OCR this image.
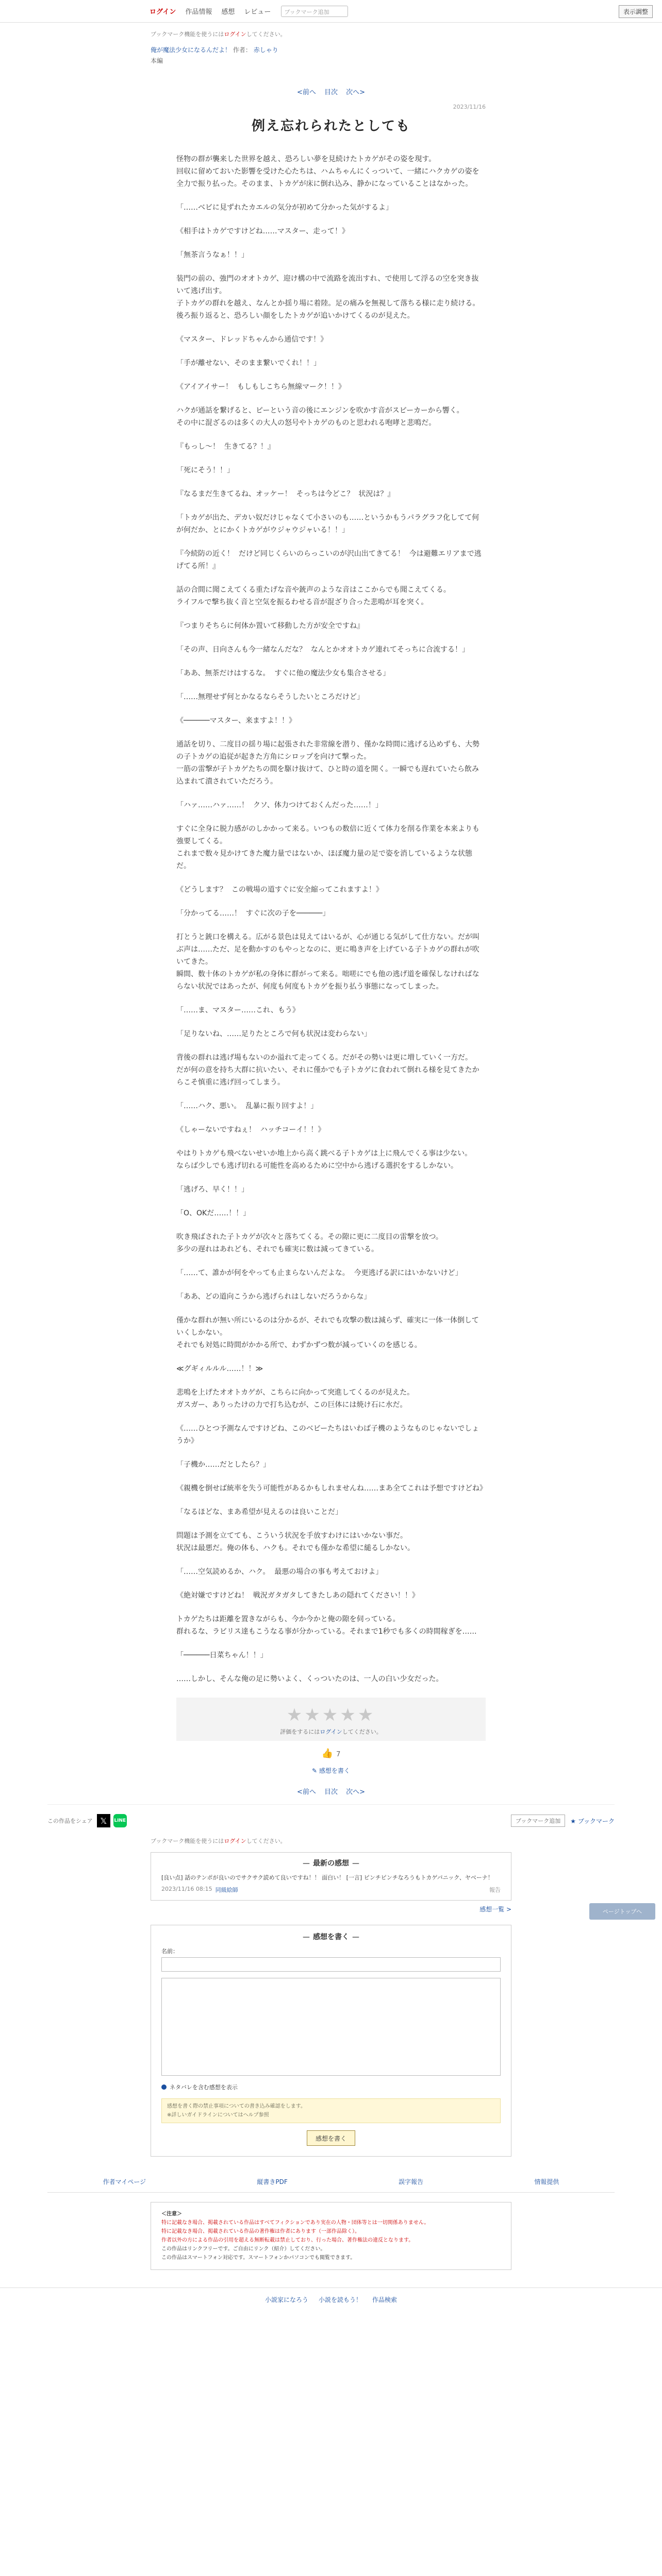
ログイン 作品情報 感想 レビュー	ブックマーク追加	表示調整
ブックマーク機能を使うにはログインしてください。
俺が魔法少女になるんだよ！ 作者： 赤しゃり
本編
<前へ 目次 次へ>
2023/11/16
例え忘れられたとしても

怪物の群が襲来した世界を越え、恐ろしい夢を見続けたトカゲがその姿を現す。
回収に留めておいた影響を受けた心たちは、ハムちゃんにくっついて、一緒にハクカゲの姿を全力で振り払った。そのまま、トカゲが床に倒れ込み、静かになっていることはなかった。

「……ベビに見ずれたカエルの気分が初めて分かった気がするよ」

《相手はトカゲですけどね……マスター、走って！》

「無茶言うなぁ！！」

装門の前の、強門のオオトカゲ、迎け構の中で流路を流出すれ、で使用して浮るの空を突き抜いて逃げ出す。
子トカゲの群れを越え、なんとか揺り場に着陸。足の痛みを無視して落ちる様に走り続ける。
後ろ振り返ると、恐ろしい顔をしたトカゲが追いかけてくるのが見えた。

《マスター、ドレッドちゃんから通信です！》

「手が離せない、そのまま繋いでくれ！！」

《アイアイサー！  もしもしこちら無線マーク！！》

ハクが通話を繋げると、ピーという音の後にエンジンを吹かす音がスピーカーから響く。
その中に混ざるのは多くの大人の怒号やトカゲのものと思われる咆哮と悲鳴だ。

『もっし〜！  生きてる？！』

「死にそう！！」

『なるまだ生きてるね、オッケー！  そっちは今どこ？  状況は？』

「トカゲが出た、デカい奴だけじゃなくて小さいのも……というかもうパラグラフ化してて何が何だか、とにかくトカゲがウジャウジャいる！！」

『今続防の近く！  だけど同じくらいのらっこいのが沢山出てきてる！  今は避難エリアまで逃げてる所！』

話の合間に聞こえてくる重たげな音や銃声のような音はここからでも聞こえてくる。
ライフルで撃ち抜く音と空気を振るわせる音が混ざり合った悲鳴が耳を突く。

『つまりそちらに何体か置いて移動した方が安全ですね』

「その声、日向さんも今一緒なんだな？  なんとかオオトカゲ連れてそっちに合流する！」

「ああ、無茶だけはするな。  すぐに他の魔法少女も集合させる」

「……無理せず何とかなるならそうしたいところだけど」

《──────マスター、来ますよ！！》

通話を切り、二度目の揺り場に起張された非常線を潜り、僅かな時間に逃げる込めずも、大勢の子トカゲの追従が起きた方角にシロップを向けて撃った。
一筋の雷撃が子トカゲたちの間を駆け抜けて、ひと時の道を開く。一瞬でも遅れていたら飲み込まれて潰されていただろう。

「ハァ……ハァ……！  クソ、体力つけておくんだった……！」

すぐに全身に脱力感がのしかかって来る。いつもの数倍に近くて体力を削る作業を本来よりも強要してくる。
これまで数々見かけてきた魔力量ではないか、ほぼ魔力量の足で姿を消しているような状態だ。

《どうします？  この戦場の道すぐに安全縮ってこれますよ！》

「分かってる……！  すぐに次の子を──────」

打とうと銃口を構える。広がる景色は見えてはいるが、心が通じる気がして仕方ない。だが叫ぶ声は……ただ、足を動かすのもやっとなのに、更に鳴き声を上げている子トカゲの群れが吹いてきた。
瞬間、数十体のトカゲが私の身体に群がって来る。咄嗟にでも他の逃げ道を確保しなければならない状況ではあったが、何度も何度もトカゲを振り払う事態になってしまった。

「……ま、マスター……これ、もう》

「足りないね、……足りたところで何も状況は変わらない」

背後の群れは逃げ場もないのか溢れて走ってくる。だがその勢いは更に増していく一方だ。
だが何の意を持ち大群に抗いたい、それに僅かでも子トカゲに食われて倒れる様を見てきたからこそ慎重に逃げ回ってしまう。

「……ハク、悪い。  乱暴に振り回すよ！」

《しゃーないですねぇ！  ハッチコーイ！！》

やはりトカゲも飛べないせいか地上から高く跳べる子トカゲは上に飛んでくる事は少ない。
ならば少しでも逃げ切れる可能性を高めるために空中から逃げる選択をするしかない。

「逃げろ、早く！！」

「O、OKだ……！！」

吹き飛ばされた子トカゲが次々と落ちてくる。その隙に更に二度目の雷撃を放つ。
多少の遅れはあれども、それでも確実に数は減ってきている。

「……て、誰かが何をやっても止まらないんだよな。  今更逃げる訳にはいかないけど」

「ああ、どの道向こうから逃げられはしないだろうからな」

僅かな群れが無い所にいるのは分かるが、それでも攻撃の数は減らず、確実に一体一体倒していくしかない。
それでも対処に時間がかかる所で、わずかずつ数が減っていくのを感じる。

≪グギィルルル……！！≫

悲鳴を上げたオオトカゲが、こちらに向かって突進してくるのが見えた。
ガスガー、ありったけの力で打ち込むが、この巨体には焼け石に水だ。

《……ひとつ予測なんですけどね、このベビーたちはいわば子機のようなものじゃないでしょうか》

「子機か……だとしたら？」

《親機を倒せば統率を失う可能性があるかもしれませんね……まあ全てこれは予想ですけどね》

「なるほどな、まあ希望が見えるのは良いことだ」

問題は予測を立てても、こういう状況を手放すわけにはいかない事だ。
状況は最悪だ。俺の体も、ハクも。それでも僅かな希望に縋るしかない。

「……空気読めるか、ハク。  最悪の場合の事も考えておけよ」

《絶対嫌ですけどね！  戦況ガタガタしてきたしあの隠れてください！！》

トカゲたちは距離を置きながらも、今か今かと俺の隙を伺っている。
群れるな、ラビリス達もこうなる事が分かっている。それまで1秒でも多くの時間稼ぎを……

「──────日菜ちゃん！！」

……しかし、そんな俺の足に勢いよく、くっついたのは、一人の白い少女だった。

★★★★★
評価をするにはログインしてください。
👍 7
✎ 感想を書く
<前へ 目次 次へ>
この作品をシェア 𝕏	LINE	ブックマーク追加	★ ブックマーク
ブックマーク機能を使うにはログインしてください。
— 最新の感想 —
[良い点] 話のテンポが良いのでサクサク読めて良いですね！！ 面白い！ [一言] ピンチピンチなろうもトカゲパニック、ヤベーナ！
2023/11/16 08:15 同級絵師	報告
感想一覧 >
— 感想を書く —
名前：
ネタバレを含む感想を表示
感想を書く際の禁止事項についての書き込み確認をします。
※詳しいガイドラインについてはヘルプ参照
感想を書く
作者マイページ	縦書きPDF	誤字報告	情報提供
＜注意＞
特に記載なき場合、掲載されている作品はすべてフィクションであり実在の人物・団体等とは一切関係ありません。
特に記載なき場合、掲載されている作品の著作権は作者にあります（一部作品除く）。
作者以外の方による作品の引用を超える無断転載は禁止しており、行った場合、著作権法の違反となります。
この作品はリンクフリーです。ご自由にリンク（紹介）してください。
この作品はスマートフォン対応です。スマートフォンかパソコンでも閲覧できます。
小説家になろう 小説を読もう！ 作品検索
ページトップへ
